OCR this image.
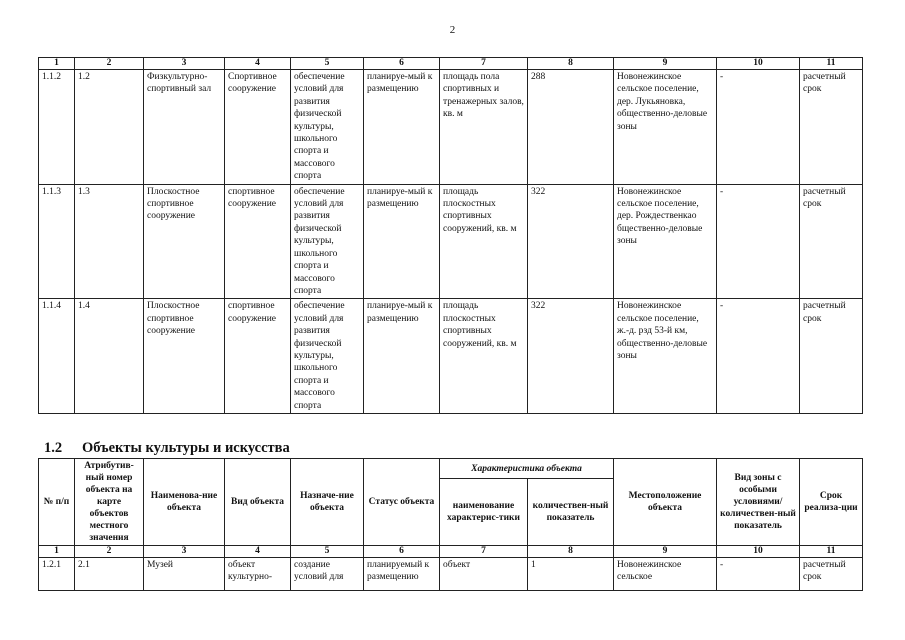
2
1	2	3	4	5	6	7	8	9	10	11
1.1.2	1.2	Физкультурно-спортивный зал	Спортивное сооружение	обеспечение условий для развития физической культуры, школьного спорта и массового спорта	планируе-мый к размещению	площадь пола спортивных и тренажерных залов, кв. м	288	Новонежинское сельское поселение, дер. Лукьяновка, общественно-деловые зоны	-	расчетный срок
1.1.3	1.3	Плоскостное спортивное сооружение	спортивное сооружение	обеспечение условий для развития физической культуры, школьного спорта и массового спорта	планируе-мый к размещению	площадь плоскостных спортивных сооружений, кв. м	322	Новонежинское сельское поселение, дер. Рождественкао бщественно-деловые зоны	-	расчетный срок
1.1.4	1.4	Плоскостное спортивное сооружение	спортивное сооружение	обеспечение условий для развития физической культуры, школьного спорта и массового спорта	планируе-мый к размещению	площадь плоскостных спортивных сооружений, кв. м	322	Новонежинское сельское поселение, ж.-д. рзд 53-й км, общественно-деловые зоны	-	расчетный срок
1.2 Объекты культуры и искусства
№ п/п	Атрибутив-ный номер объекта на карте объектов местного значения	Наименова-ние объекта	Вид объекта	Назначе-ние объекта	Статус объекта	Характеристика объекта		Местоположение объекта	Вид зоны с особыми условиями/ количествен-ный показатель	Срок реализа-ции
						наименование характерис-тики	количествен-ный показатель			
1	2	3	4	5	6	7	8	9	10	11
1.2.1	2.1	Музей	объект культурно-	создание условий для	планируемый к размещению	объект	1	Новонежинское сельское	-	расчетный срок
